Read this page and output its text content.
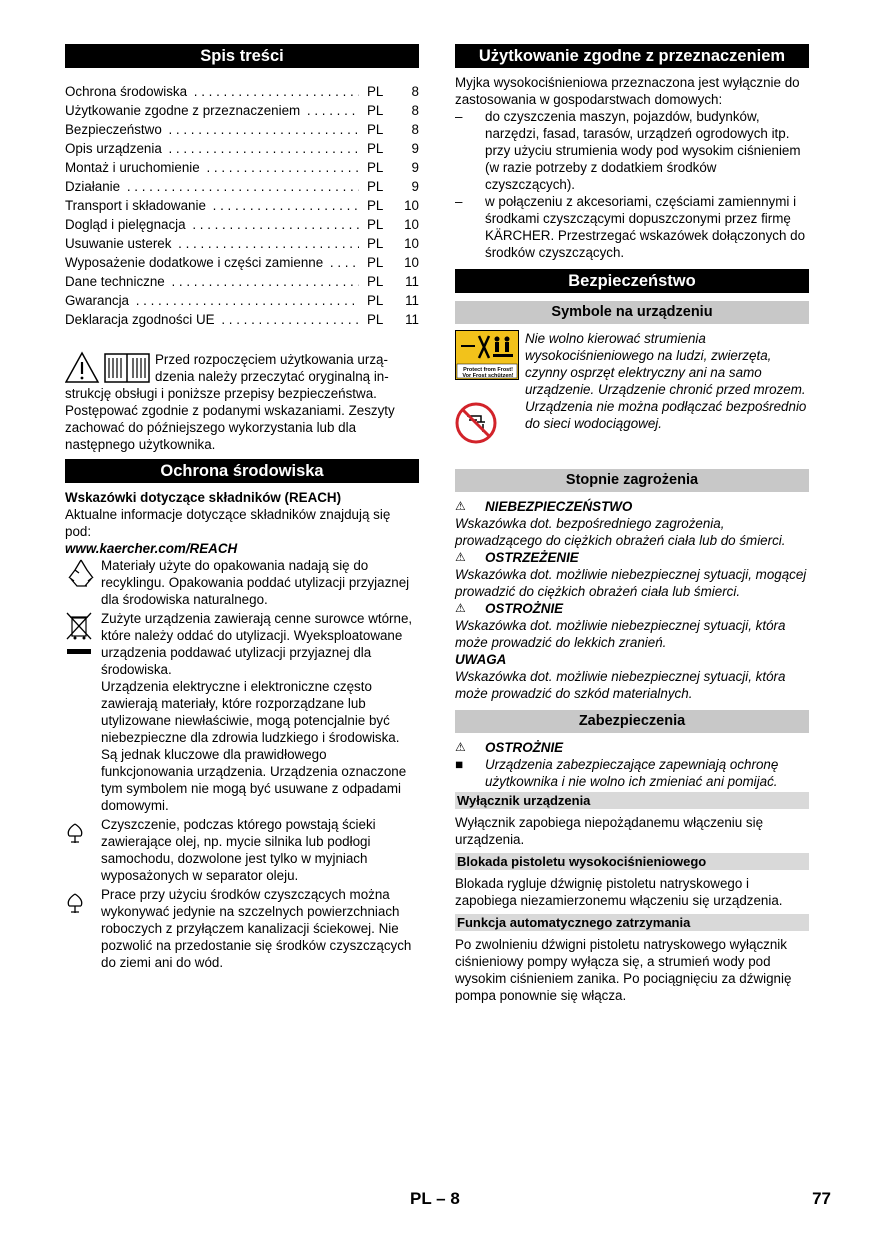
Spis treści
Ochrona środowiska . . .	PL	8
Użytkowanie zgodne z przeznaczeniem . . .	PL	8
Bezpieczeństwo . . .	PL	8
Opis urządzenia . . .	PL	9
Montaż i uruchomienie . . .	PL	9
Działanie . . .	PL	9
Transport i składowanie . . .	PL	10
Dogląd i pielęgnacja . . .	PL	10
Usuwanie usterek . . .	PL	10
Wyposażenie dodatkowe i części zamienne . . .	PL	10
Dane techniczne . . .	PL	11
Gwarancja . . .	PL	11
Deklaracja zgodności UE . . .	PL	11

Przed rozpoczęciem użytkowania urzą-

dzenia należy przeczytać oryginalną in-

strukcję obsługi i poniższe przepisy bezpieczeństwa. Postępować zgodnie z podanymi wskazaniami. Zeszyty zachować do późniejszego wykorzystania lub dla następnego użytkownika.

Ochrona środowiska

Wskazówki dotyczące składników (REACH)

Aktualne informacje dotyczące składników znajdują się pod:

www.kaercher.com/REACH

Materiały użyte do opakowania nadają się do recyklingu. Opakowania poddać utylizacji przyjaznej dla środowiska naturalnego.

Zużyte urządzenia zawierają cenne surowce wtórne, które należy oddać do utylizacji. Wyeksploatowane urządzenia poddawać utylizacji przyjaznej dla środowiska.

Urządzenia elektryczne i elektroniczne często zawierają materiały, które rozporządzane lub utylizowane niewłaściwie, mogą potencjalnie być niebezpieczne dla zdrowia ludzkiego i środowiska. Są jednak kluczowe dla prawidłowego funkcjonowania urządzenia. Urządzenia oznaczone tym symbolem nie mogą być usuwane z odpadami domowymi.

Czyszczenie, podczas którego powstają ścieki zawierające olej, np. mycie silnika lub podłogi samochodu, dozwolone jest tylko w myjniach wyposażonych w separator oleju.

Prace przy użyciu środków czyszczących można wykonywać jedynie na szczelnych powierzchniach roboczych z przyłączem kanalizacji ściekowej. Nie pozwolić na przedostanie się środków czyszczących do ziemi ani do wód.

Użytkowanie zgodne z przeznaczeniem

Myjka wysokociśnieniowa przeznaczona jest wyłącznie do zastosowania w gospodarstwach domowych:

–	do czyszczenia maszyn, pojazdów, budynków, narzędzi, fasad, tarasów, urządzeń ogrodowych itp. przy użyciu strumienia wody pod wysokim ciśnieniem (w razie potrzeby z dodatkiem środków czyszczących).

–	w połączeniu z akcesoriami, częściami zamiennymi i środkami czyszczącymi dopuszczonymi przez firmę KÄRCHER. Przestrzegać wskazówek dołączonych do środków czyszczących.

Bezpieczeństwo
Symbole na urządzeniu
Protect from Frost!
Vor Frost schützen!

Nie wolno kierować strumienia wysokociśnieniowego na ludzi, zwierzęta, czynny osprzęt elektryczny ani na samo urządzenie. Urządzenie chronić przed mrozem.

Urządzenia nie można podłączać bezpośrednio do sieci wodociągowej.

Stopnie zagrożenia
⚠	NIEBEZPIECZEŃSTWO

Wskazówka dot. bezpośredniego zagrożenia, prowadzącego do ciężkich obrażeń ciała lub do śmierci.

⚠	OSTRZEŻENIE

Wskazówka dot. możliwie niebezpiecznej sytuacji, mogącej prowadzić do ciężkich obrażeń ciała lub śmierci.

⚠	OSTROŻNIE

Wskazówka dot. możliwie niebezpiecznej sytuacji, która może prowadzić do lekkich zranień.

UWAGA

Wskazówka dot. możliwie niebezpiecznej sytuacji, która może prowadzić do szkód materialnych.

Zabezpieczenia
⚠	OSTROŻNIE
■	Urządzenia zabezpieczające zapewniają ochronę użytkownika i nie wolno ich zmieniać ani pomijać.

Wyłącznik urządzenia

Wyłącznik zapobiega niepożądanemu włączeniu się urządzenia.

Blokada pistoletu wysokociśnieniowego

Blokada rygluje dźwignię pistoletu natryskowego i zapobiega niezamierzonemu włączeniu się urządzenia.

Funkcja automatycznego zatrzymania

Po zwolnieniu dźwigni pistoletu natryskowego wyłącznik ciśnieniowy pompy wyłącza się, a strumień wody pod wysokim ciśnieniem zanika. Po pociągnięciu za dźwignię pompa ponownie się włącza.

PL – 8	77
